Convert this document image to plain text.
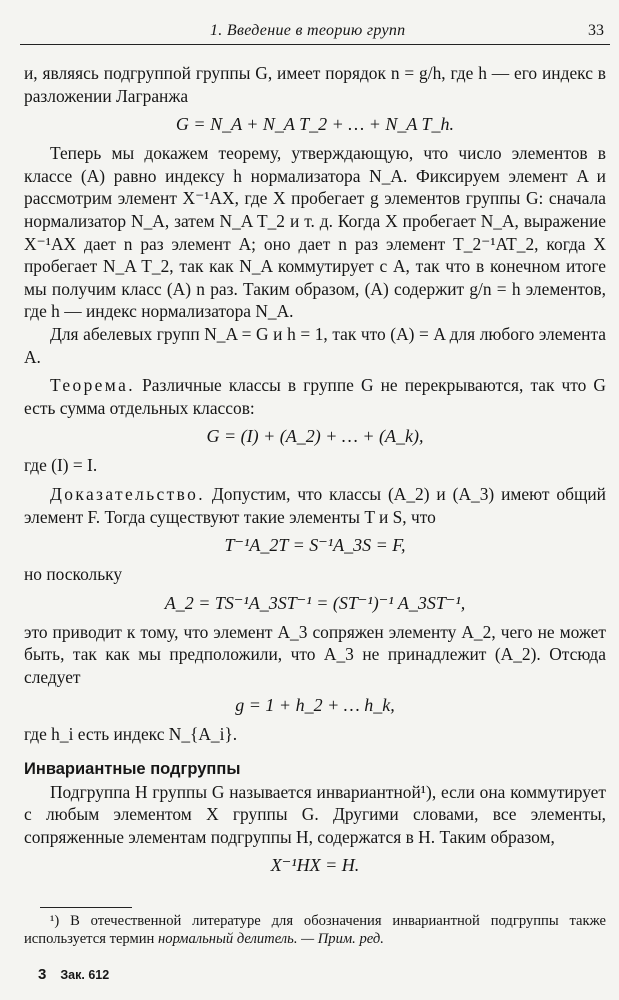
1. Введение в теорию групп	33

и, являясь подгруппой группы G, имеет порядок n = g/h, где h — его индекс в разложении Лагранжа

G = N_A + N_A T_2 + … + N_A T_h.

Теперь мы докажем теорему, утверждающую, что число элементов в классе (A) равно индексу h нормализатора N_A. Фиксируем элемент A и рассмотрим элемент X⁻¹AX, где X пробегает g элементов группы G: сначала нормализатор N_A, затем N_A T_2 и т. д. Когда X пробегает N_A, выражение X⁻¹AX дает n раз элемент A; оно дает n раз элемент T_2⁻¹AT_2, когда X пробегает N_A T_2, так как N_A коммутирует с A, так что в конечном итоге мы получим класс (A) n раз. Таким образом, (A) содержит g/n = h элементов, где h — индекс нормализатора N_A.

Для абелевых групп N_A = G и h = 1, так что (A) = A для любого элемента A.

Теорема. Различные классы в группе G не перекрываются, так что G есть сумма отдельных классов:

G = (I) + (A_2) + … + (A_k),

где (I) = I.

Доказательство. Допустим, что классы (A_2) и (A_3) имеют общий элемент F. Тогда существуют такие элементы T и S, что

T⁻¹A_2T = S⁻¹A_3S = F,

но поскольку

A_2 = TS⁻¹A_3ST⁻¹ = (ST⁻¹)⁻¹ A_3ST⁻¹,

это приводит к тому, что элемент A_3 сопряжен элементу A_2, чего не может быть, так как мы предположили, что A_3 не принадлежит (A_2). Отсюда следует

g = 1 + h_2 + … h_k,

где h_i есть индекс N_{A_i}.

Инвариантные подгруппы

Подгруппа H группы G называется инвариантной¹), если она коммутирует с любым элементом X группы G. Другими словами, все элементы, сопряженные элементам подгруппы H, содержатся в H. Таким образом,

X⁻¹HX = H.
¹) В отечественной литературе для обозначения инвариантной подгруппы также используется термин нормальный делитель. — Прим. ред.
3 Зак. 612
